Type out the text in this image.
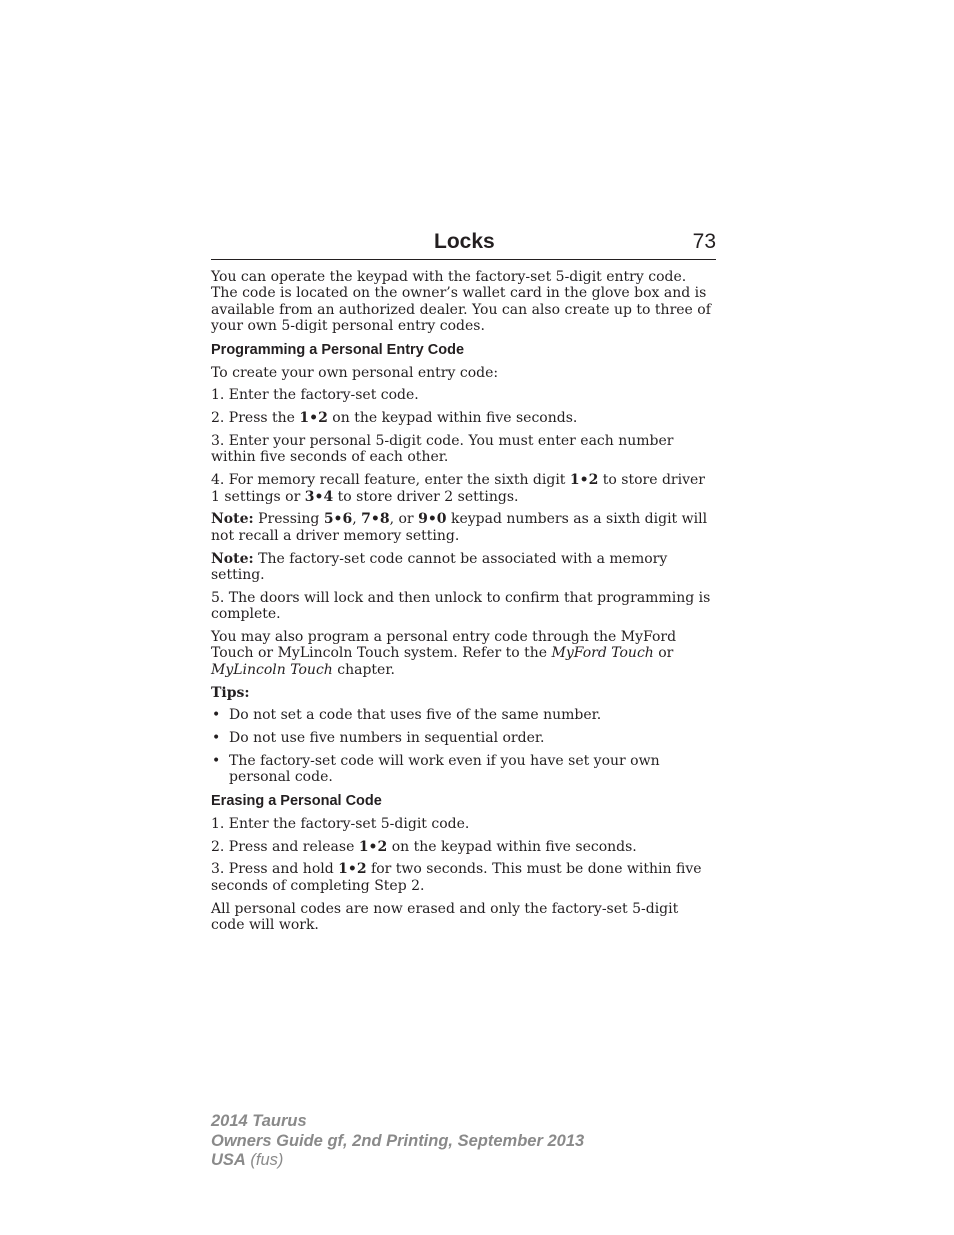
Locks	73

You can operate the keypad with the factory-set 5-digit entry code. The code is located on the owner’s wallet card in the glove box and is available from an authorized dealer. You can also create up to three of your own 5-digit personal entry codes.

Programming a Personal Entry Code

To create your own personal entry code:

1. Enter the factory-set code.

2. Press the 1•2 on the keypad within five seconds.

3. Enter your personal 5-digit code. You must enter each number within five seconds of each other.

4. For memory recall feature, enter the sixth digit 1•2 to store driver 1 settings or 3•4 to store driver 2 settings.

Note: Pressing 5•6, 7•8, or 9•0 keypad numbers as a sixth digit will not recall a driver memory setting.

Note: The factory-set code cannot be associated with a memory setting.

5. The doors will lock and then unlock to confirm that programming is complete.

You may also program a personal entry code through the MyFord Touch or MyLincoln Touch system. Refer to the MyFord Touch or MyLincoln Touch chapter.

Tips:

• Do not set a code that uses five of the same number.
• Do not use five numbers in sequential order.
• The factory-set code will work even if you have set your own personal code.
Erasing a Personal Code

1. Enter the factory-set 5-digit code.

2. Press and release 1•2 on the keypad within five seconds.

3. Press and hold 1•2 for two seconds. This must be done within five seconds of completing Step 2.

All personal codes are now erased and only the factory-set 5-digit code will work.

2014 Taurus
Owners Guide gf, 2nd Printing, September 2013
USA (fus)
